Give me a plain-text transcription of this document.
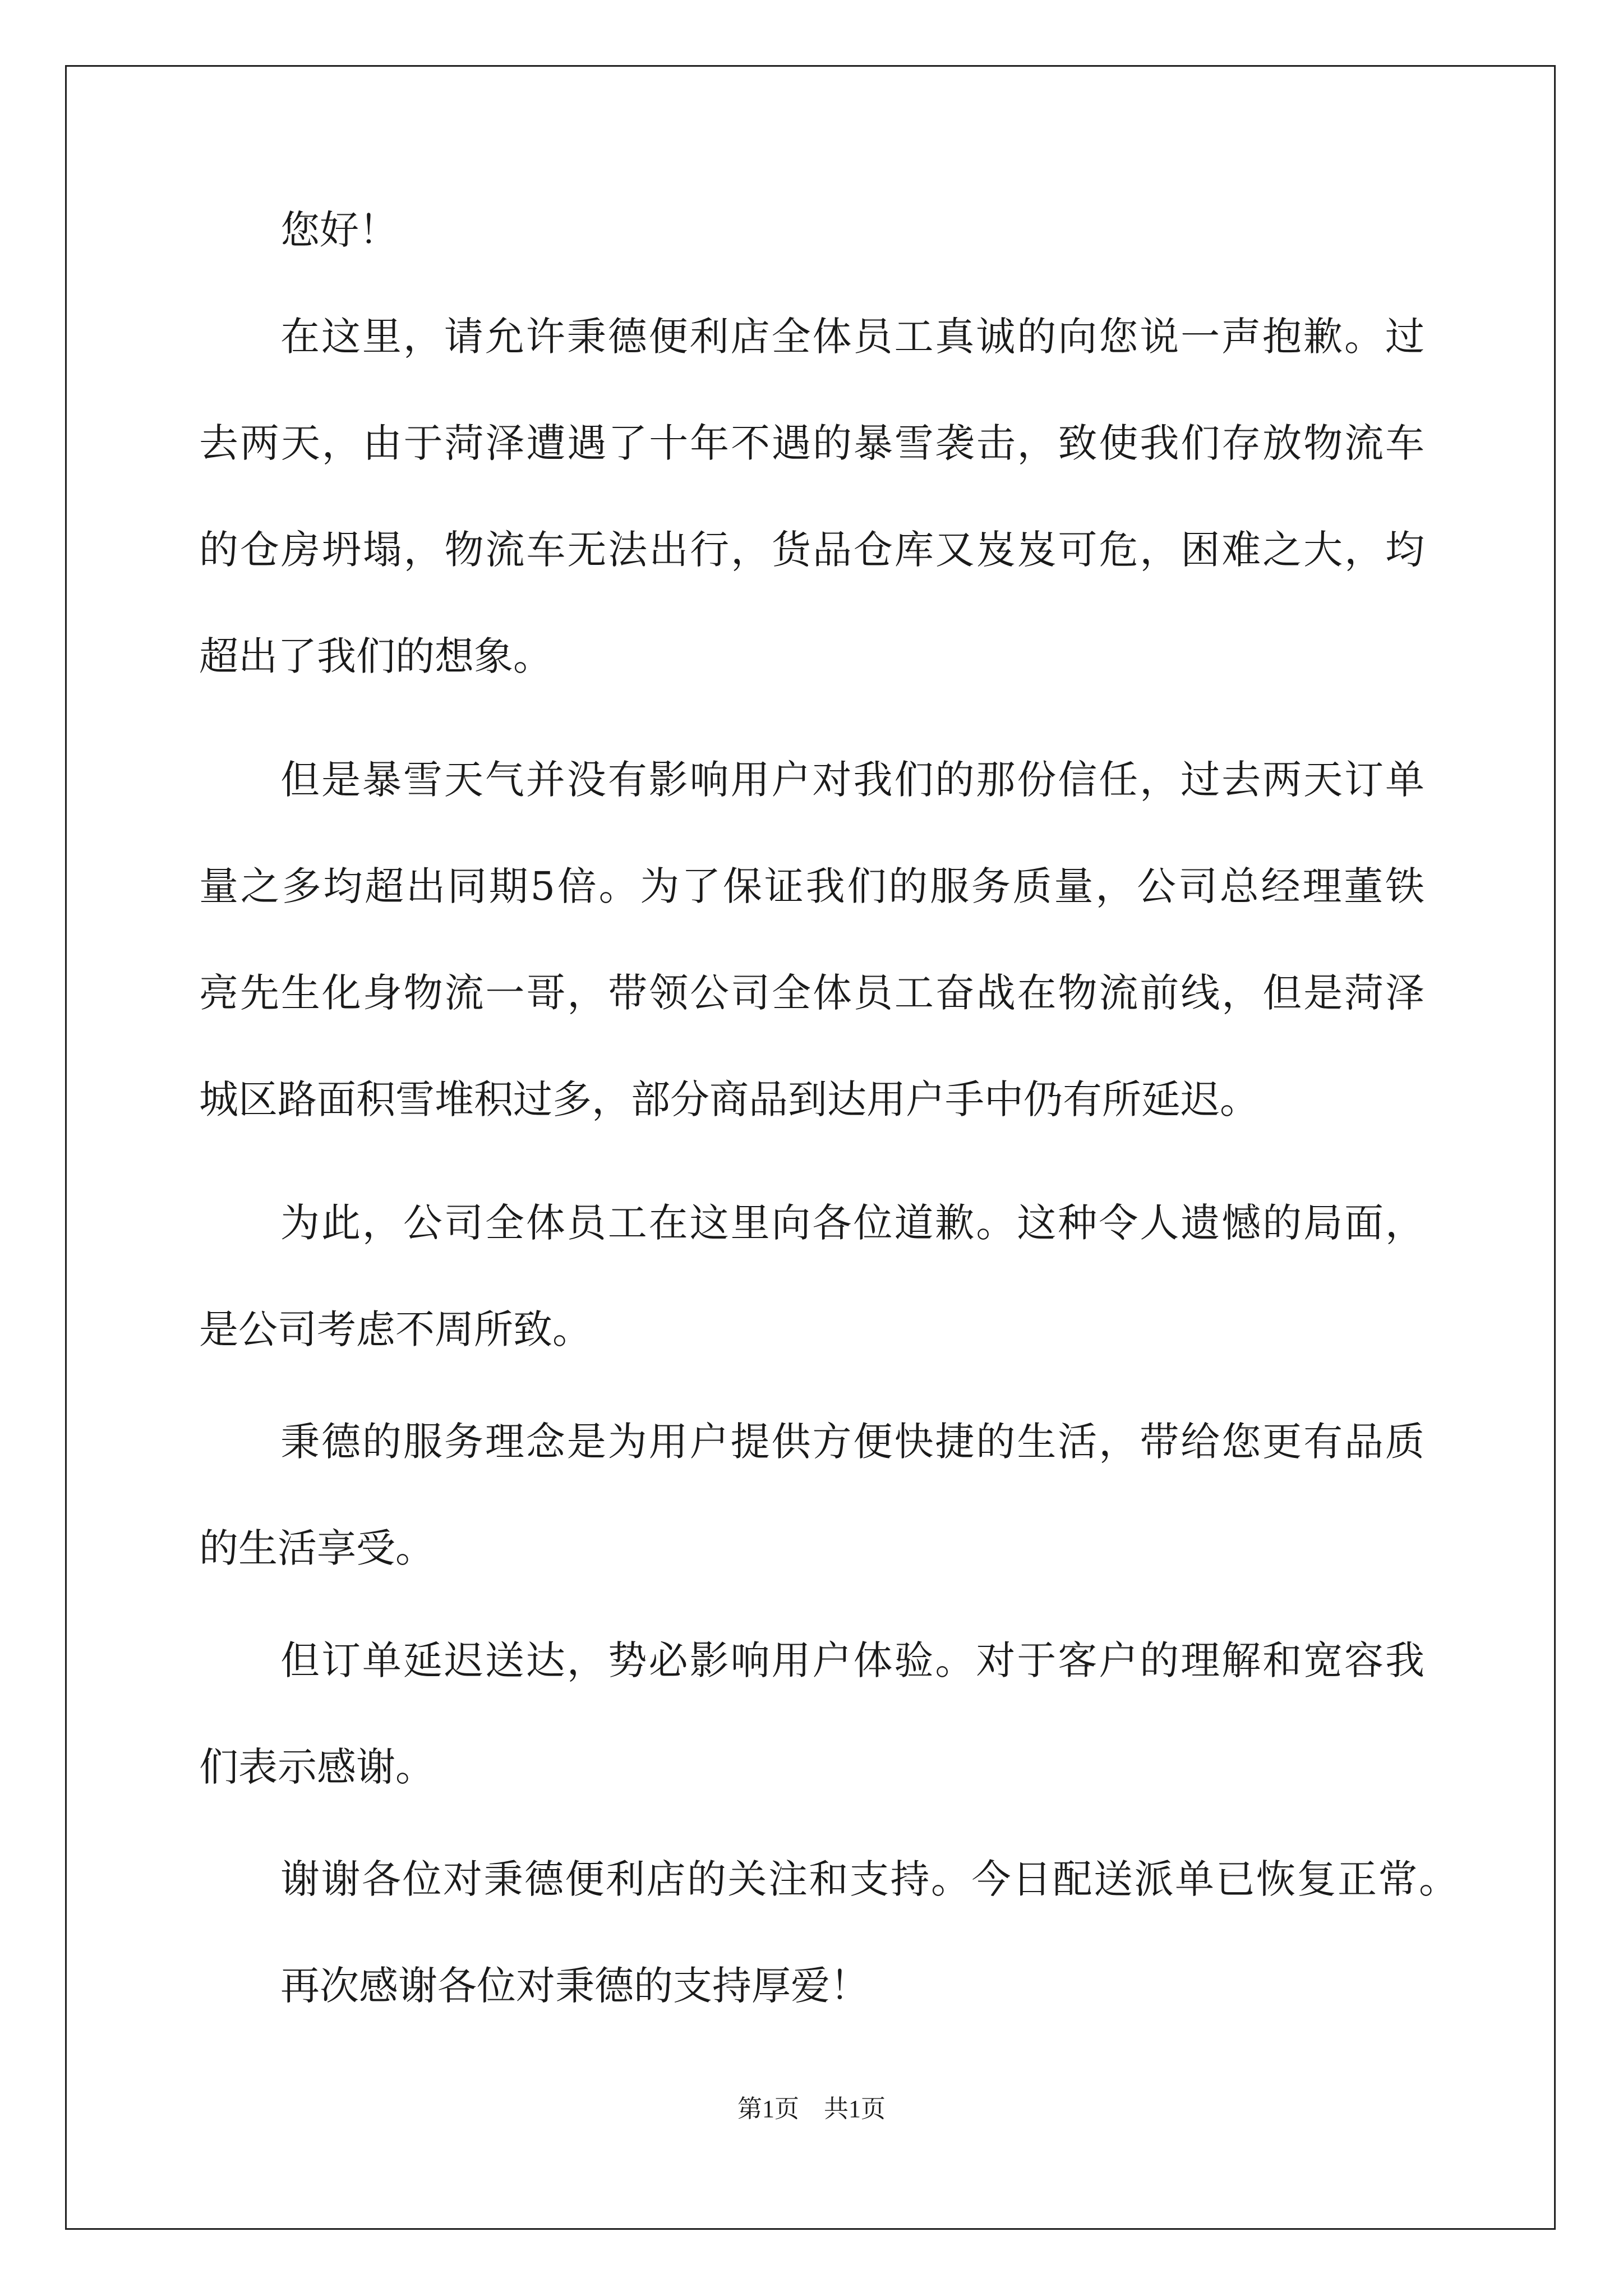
您好！
在这里，请允许秉德便利店全体员工真诚的向您说一声抱歉。过
去两天，由于菏泽遭遇了十年不遇的暴雪袭击，致使我们存放物流车
的仓房坍塌，物流车无法出行，货品仓库又岌岌可危，困难之大，均
超出了我们的想象。
但是暴雪天气并没有影响用户对我们的那份信任，过去两天订单
量之多均超出同期5倍。为了保证我们的服务质量，公司总经理董铁
亮先生化身物流一哥，带领公司全体员工奋战在物流前线，但是菏泽
城区路面积雪堆积过多，部分商品到达用户手中仍有所延迟。
为此，公司全体员工在这里向各位道歉。这种令人遗憾的局面，
是公司考虑不周所致。
秉德的服务理念是为用户提供方便快捷的生活，带给您更有品质
的生活享受。
但订单延迟送达，势必影响用户体验。对于客户的理解和宽容我
们表示感谢。
谢谢各位对秉德便利店的关注和支持。今日配送派单已恢复正常。
再次感谢各位对秉德的支持厚爱！
第1页 共1页
